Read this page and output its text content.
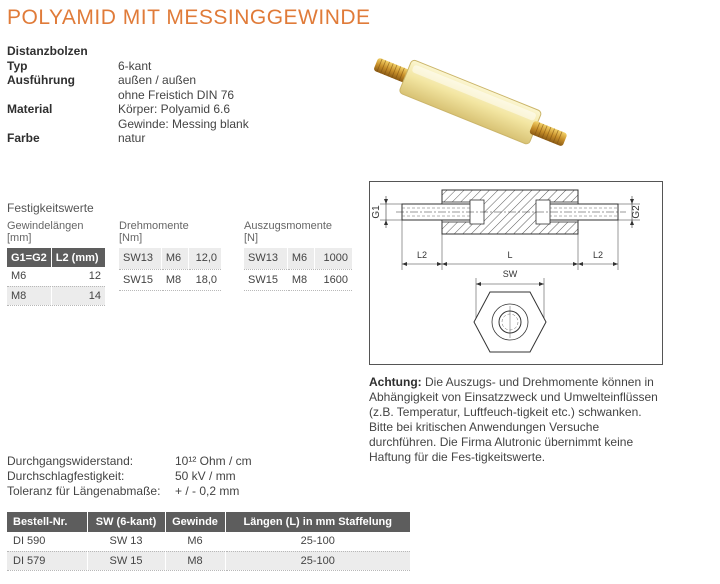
POLYAMID MIT MESSINGGEWINDE
Distanzbolzen
Typ	6-kant
Ausführung	außen / außen
ohne Freistich DIN 76
Material	Körper: Polyamid 6.6
Gewinde: Messing blank
Farbe	natur
Festigkeitswerte
Gewindelängen
[mm]
G1=G2	L2 (mm)
M6	12
M8	14
Drehmomente
[Nm]
SW13	M6	12,0
SW15	M8	18,0
Auszugsmomente
[N]
SW13	M6	1000
SW15	M8	1600
G1	G2
L2	L	L2
SW
Achtung: Die Auszugs- und Drehmomente können in Abhängigkeit von Einsatzzweck und Umwelteinflüssen (z.B. Temperatur, Luftfeuch-tigkeit etc.) schwanken. Bitte bei kritischen Anwendungen Versuche durchführen. Die Firma Alutronic übernimmt keine Haftung für die Fes-tigkeitswerte.
Durchgangswiderstand:	10¹² Ohm / cm
Durchschlagfestigkeit:	50 kV / mm
Toleranz für Längenabmaße:	+ / - 0,2 mm
Bestell-Nr.	SW (6-kant)	Gewinde	Längen (L) in mm Staffelung
DI 590	SW 13	M6	25-100
DI 579	SW 15	M8	25-100
